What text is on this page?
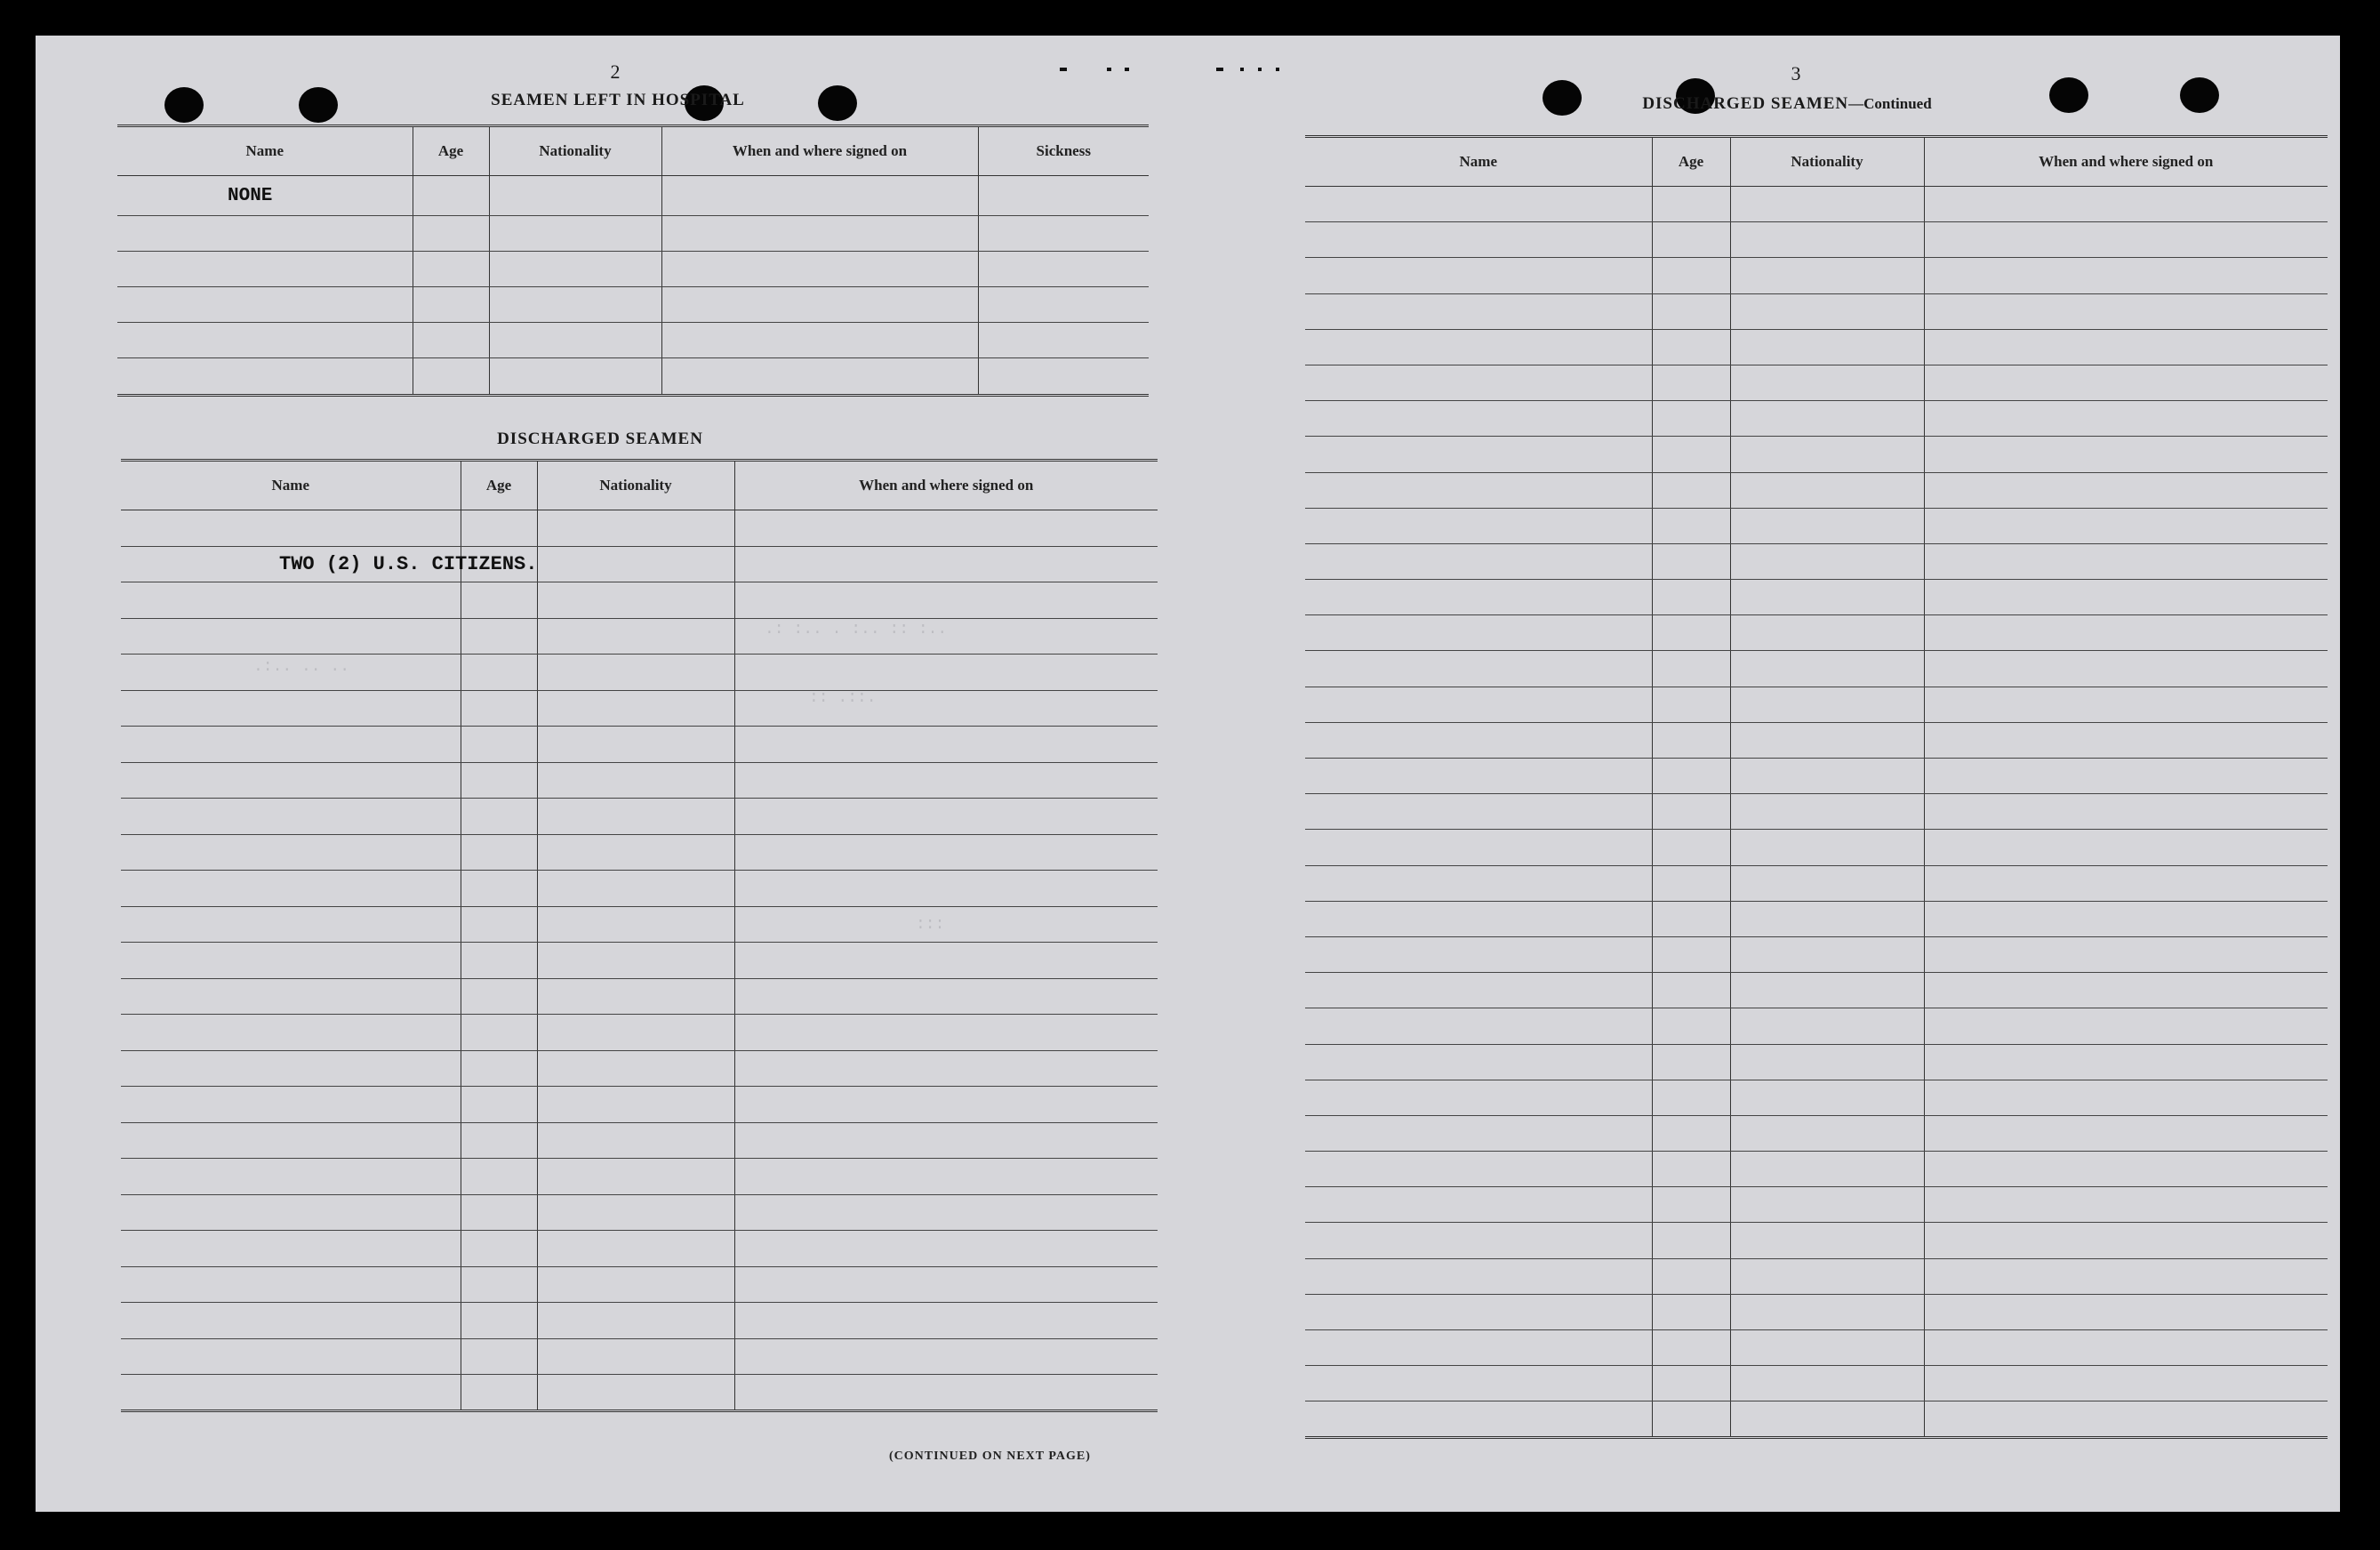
2
SEAMEN LEFT IN HOSPITAL
Name	Age	Nationality	When and where signed on	Sickness
NONE				

DISCHARGED SEAMEN
Name	Age	Nationality	When and where signed on

TWO (2) U.S. CITIZENS.
.: :.. . :.. :: :..
.:.. .. ..
:: .::.
:::
(CONTINUED ON NEXT PAGE)
3
DISCHARGED SEAMEN—Continued
Name	Age	Nationality	When and where signed on
